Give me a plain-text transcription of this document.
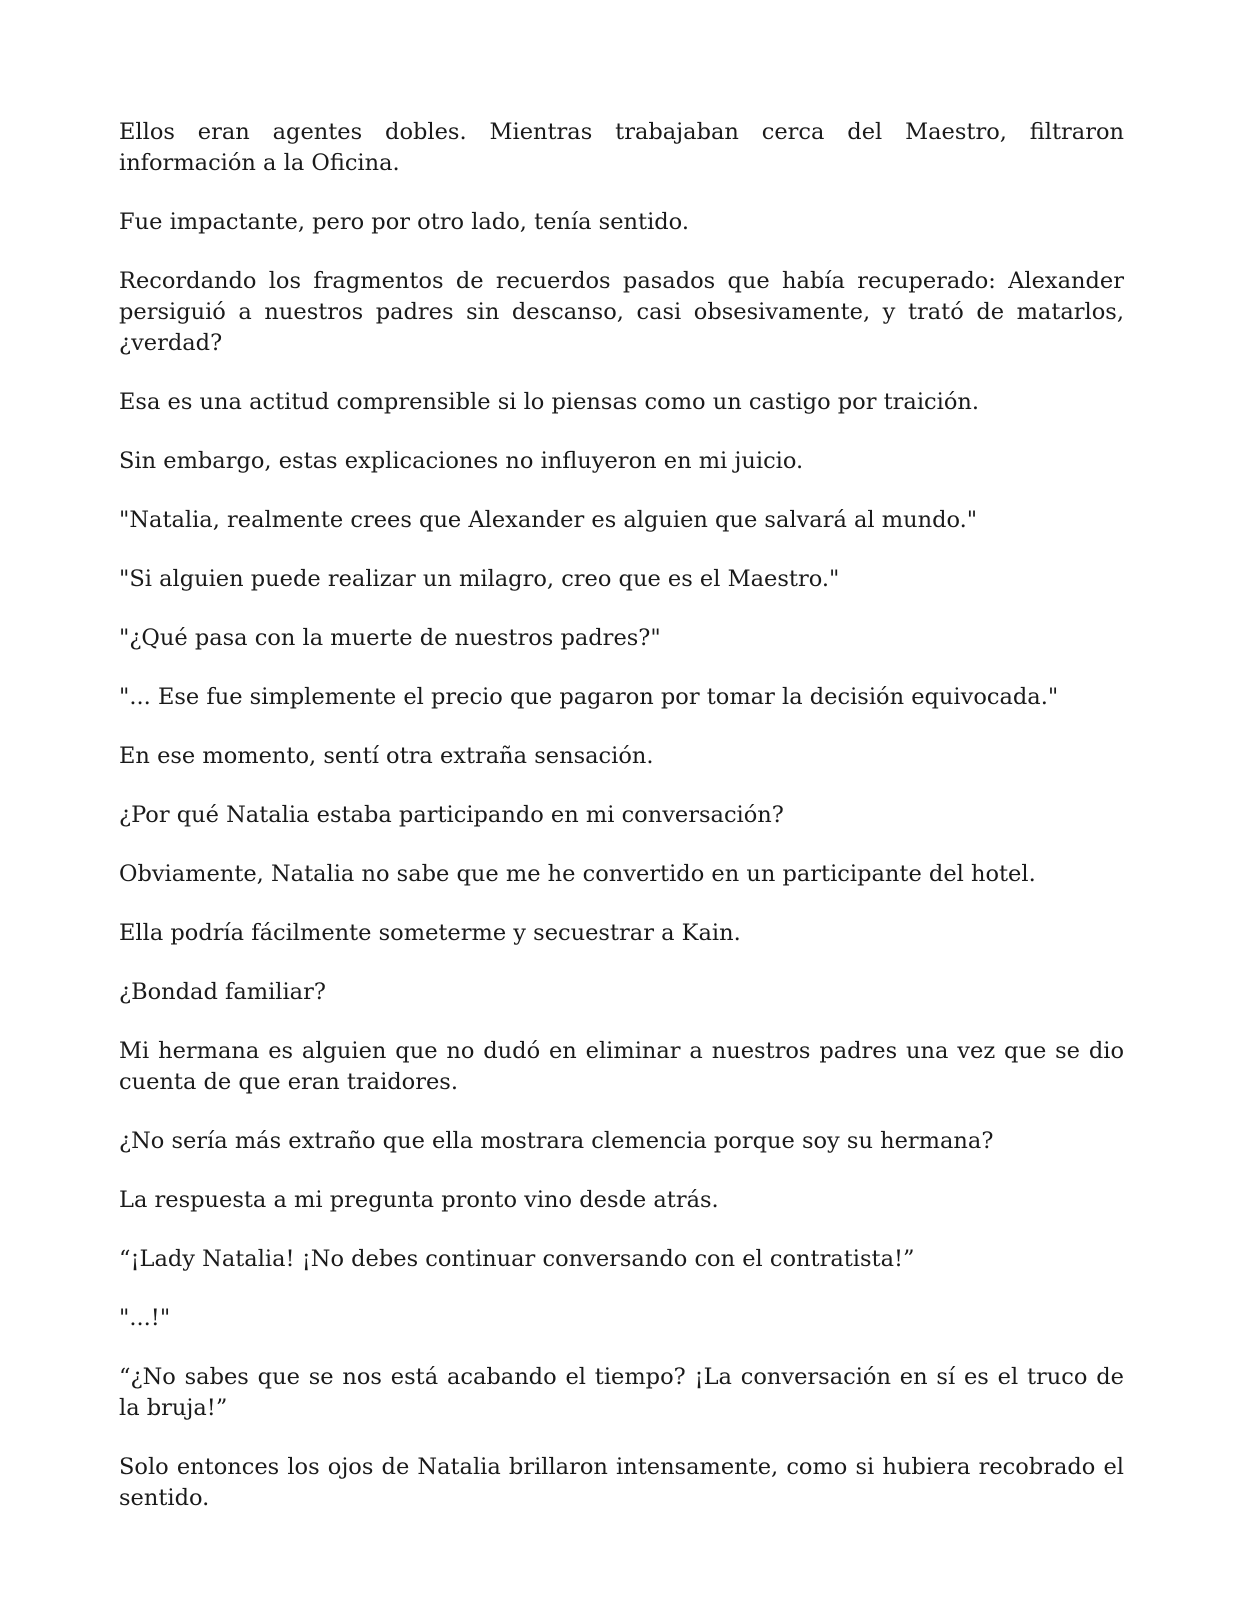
Ellos eran agentes dobles. Mientras trabajaban cerca del Maestro, filtraron información a la Oficina.

Fue impactante, pero por otro lado, tenía sentido.

Recordando los fragmentos de recuerdos pasados que había recuperado: Alexander persiguió a nuestros padres sin descanso, casi obsesivamente, y trató de matarlos, ¿verdad?

Esa es una actitud comprensible si lo piensas como un castigo por traición.

Sin embargo, estas explicaciones no influyeron en mi juicio.

"Natalia, realmente crees que Alexander es alguien que salvará al mundo."

"Si alguien puede realizar un milagro, creo que es el Maestro."

"¿Qué pasa con la muerte de nuestros padres?"

"... Ese fue simplemente el precio que pagaron por tomar la decisión equivocada."

En ese momento, sentí otra extraña sensación.

¿Por qué Natalia estaba participando en mi conversación?

Obviamente, Natalia no sabe que me he convertido en un participante del hotel.

Ella podría fácilmente someterme y secuestrar a Kain.

¿Bondad familiar?

Mi hermana es alguien que no dudó en eliminar a nuestros padres una vez que se dio cuenta de que eran traidores.

¿No sería más extraño que ella mostrara clemencia porque soy su hermana?

La respuesta a mi pregunta pronto vino desde atrás.

“¡Lady Natalia! ¡No debes continuar conversando con el contratista!”

"...!"

“¿No sabes que se nos está acabando el tiempo? ¡La conversación en sí es el truco de la bruja!”

Solo entonces los ojos de Natalia brillaron intensamente, como si hubiera recobrado el sentido.
